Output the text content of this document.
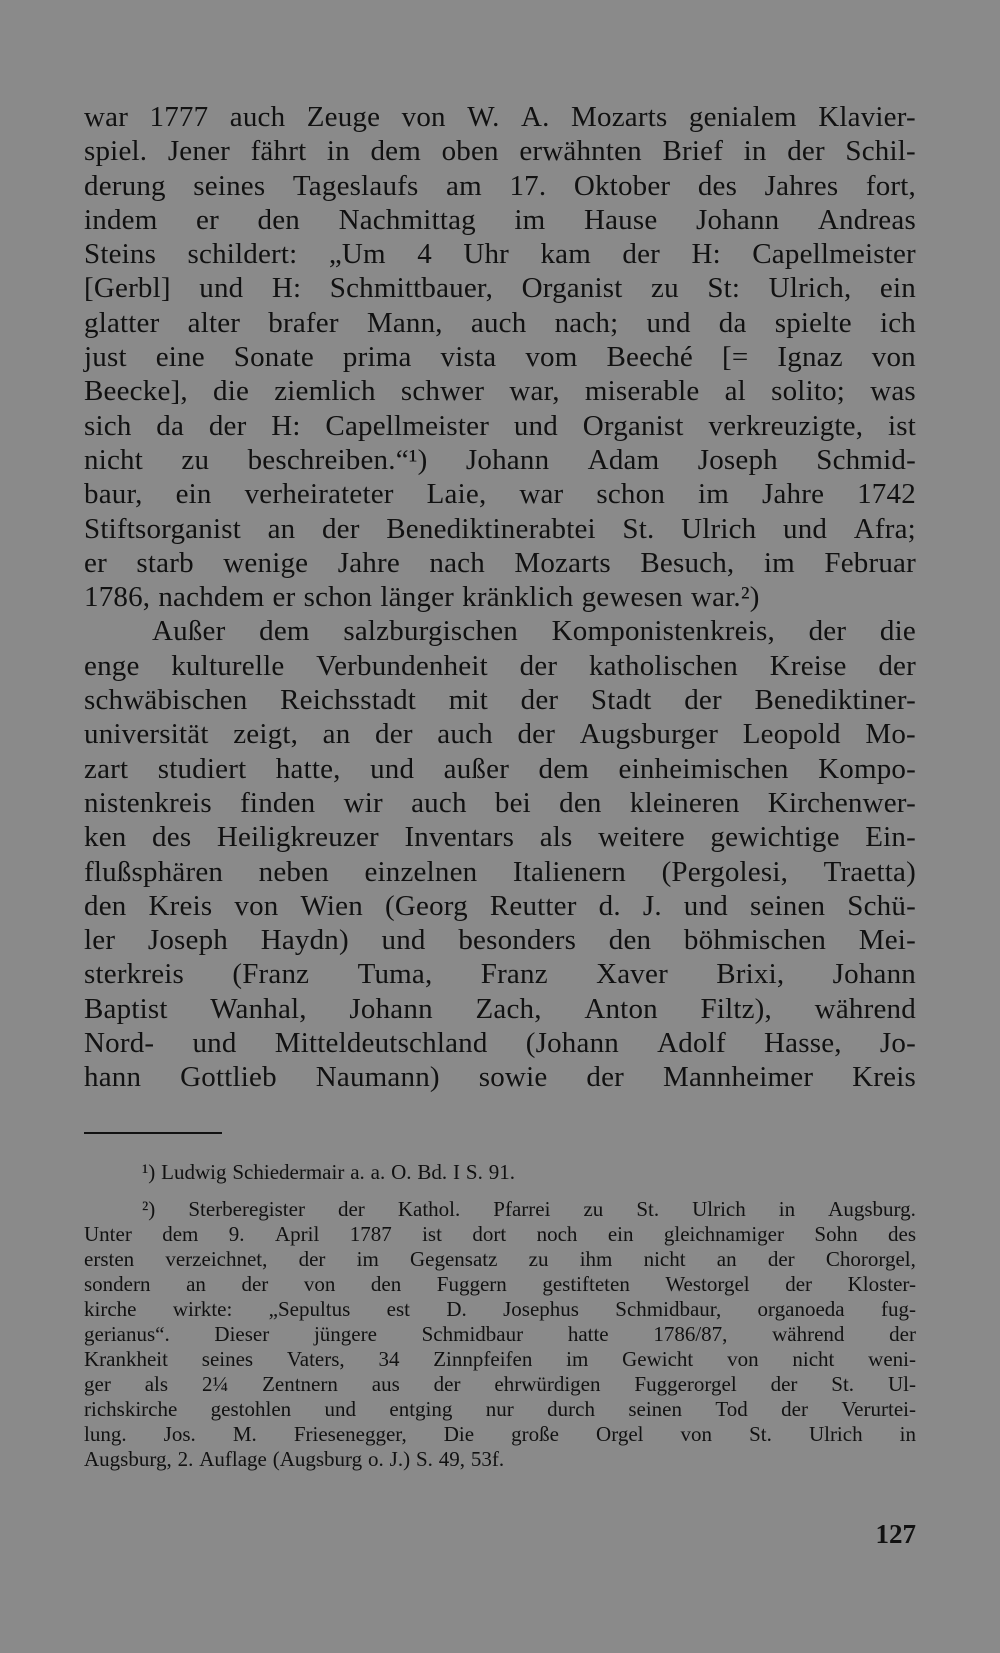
war 1777 auch Zeuge von W. A. Mozarts genialem Klavier-
spiel. Jener fährt in dem oben erwähnten Brief in der Schil-
derung seines Tageslaufs am 17. Oktober des Jahres fort,
indem er den Nachmittag im Hause Johann Andreas
Steins schildert: „Um 4 Uhr kam der H: Capellmeister
[Gerbl] und H: Schmittbauer, Organist zu St: Ulrich, ein
glatter alter brafer Mann, auch nach; und da spielte ich
just eine Sonate prima vista vom Beeché [= Ignaz von
Beecke], die ziemlich schwer war, miserable al solito; was
sich da der H: Capellmeister und Organist verkreuzigte, ist
nicht zu beschreiben.“¹) Johann Adam Joseph Schmid-
baur, ein verheirateter Laie, war schon im Jahre 1742
Stiftsorganist an der Benediktinerabtei St. Ulrich und Afra;
er starb wenige Jahre nach Mozarts Besuch, im Februar
1786, nachdem er schon länger kränklich gewesen war.²)
Außer dem salzburgischen Komponistenkreis, der die
enge kulturelle Verbundenheit der katholischen Kreise der
schwäbischen Reichsstadt mit der Stadt der Benediktiner-
universität zeigt, an der auch der Augsburger Leopold Mo-
zart studiert hatte, und außer dem einheimischen Kompo-
nistenkreis finden wir auch bei den kleineren Kirchenwer-
ken des Heiligkreuzer Inventars als weitere gewichtige Ein-
flußsphären neben einzelnen Italienern (Pergolesi, Traetta)
den Kreis von Wien (Georg Reutter d. J. und seinen Schü-
ler Joseph Haydn) und besonders den böhmischen Mei-
sterkreis (Franz Tuma, Franz Xaver Brixi, Johann
Baptist Wanhal, Johann Zach, Anton Filtz), während
Nord- und Mitteldeutschland (Johann Adolf Hasse, Jo-
hann Gottlieb Naumann) sowie der Mannheimer Kreis
¹) Ludwig Schiedermair a. a. O. Bd. I S. 91.
²) Sterberegister der Kathol. Pfarrei zu St. Ulrich in Augsburg.
Unter dem 9. April 1787 ist dort noch ein gleichnamiger Sohn des
ersten verzeichnet, der im Gegensatz zu ihm nicht an der Chororgel,
sondern an der von den Fuggern gestifteten Westorgel der Kloster-
kirche wirkte: „Sepultus est D. Josephus Schmidbaur, organoeda fug-
gerianus“. Dieser jüngere Schmidbaur hatte 1786/87, während der
Krankheit seines Vaters, 34 Zinnpfeifen im Gewicht von nicht weni-
ger als 2¼ Zentnern aus der ehrwürdigen Fuggerorgel der St. Ul-
richskirche gestohlen und entging nur durch seinen Tod der Verurtei-
lung. Jos. M. Friesenegger, Die große Orgel von St. Ulrich in
Augsburg, 2. Auflage (Augsburg o. J.) S. 49, 53f.
127
